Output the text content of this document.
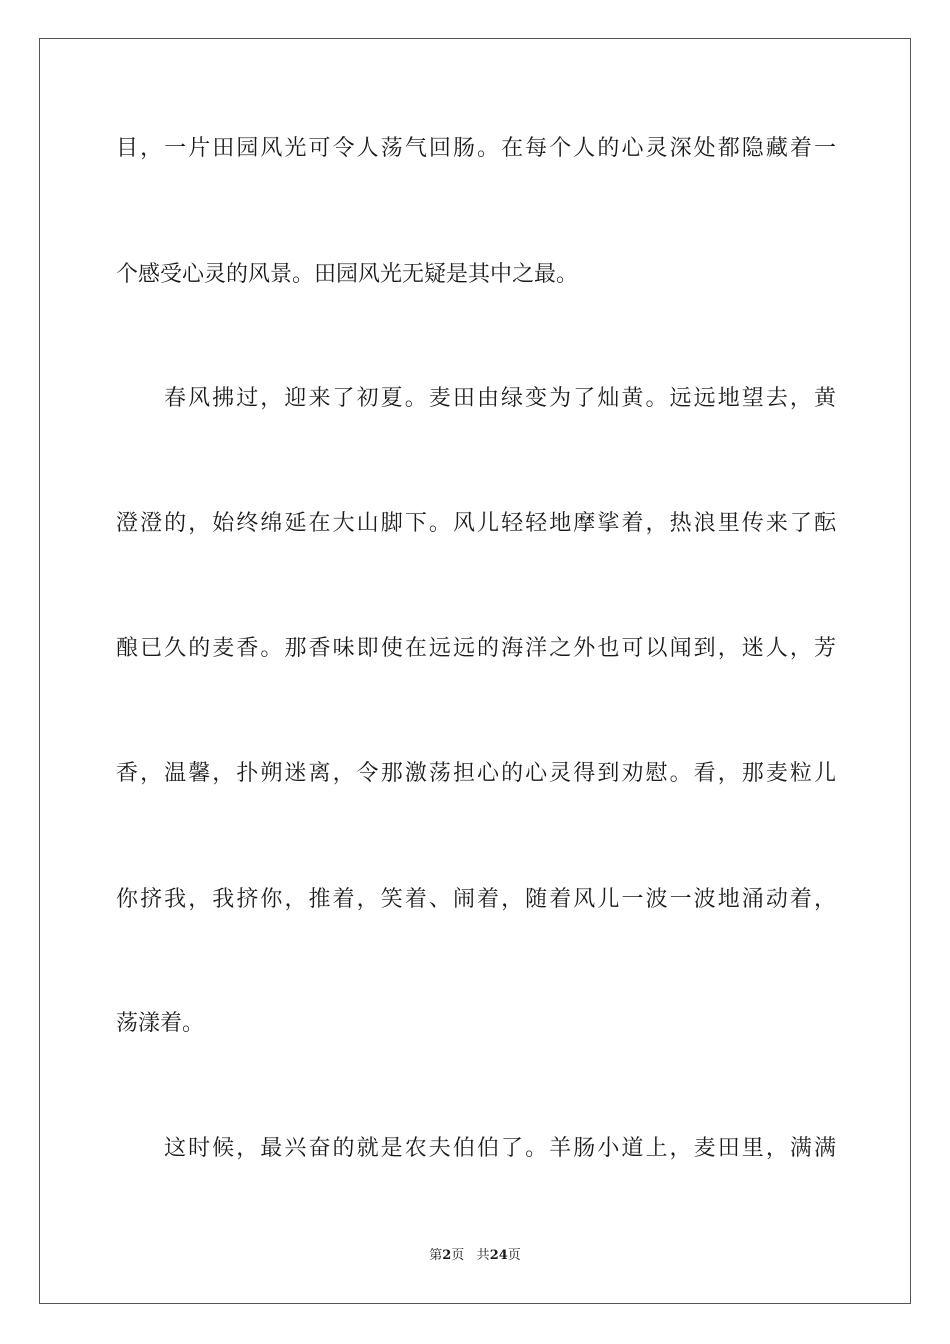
目，一片田园风光可令人荡气回肠。在每个人的心灵深处都隐藏着一
个感受心灵的风景。田园风光无疑是其中之最。
春风拂过，迎来了初夏。麦田由绿变为了灿黄。远远地望去，黄
澄澄的，始终绵延在大山脚下。风儿轻轻地摩挲着，热浪里传来了酝
酿已久的麦香。那香味即使在远远的海洋之外也可以闻到，迷人，芳
香，温馨，扑朔迷离，令那激荡担心的心灵得到劝慰。看，那麦粒儿
你挤我，我挤你，推着，笑着、闹着，随着风儿一波一波地涌动着，
荡漾着。
这时候，最兴奋的就是农夫伯伯了。羊肠小道上，麦田里，满满
第2页 共24页
